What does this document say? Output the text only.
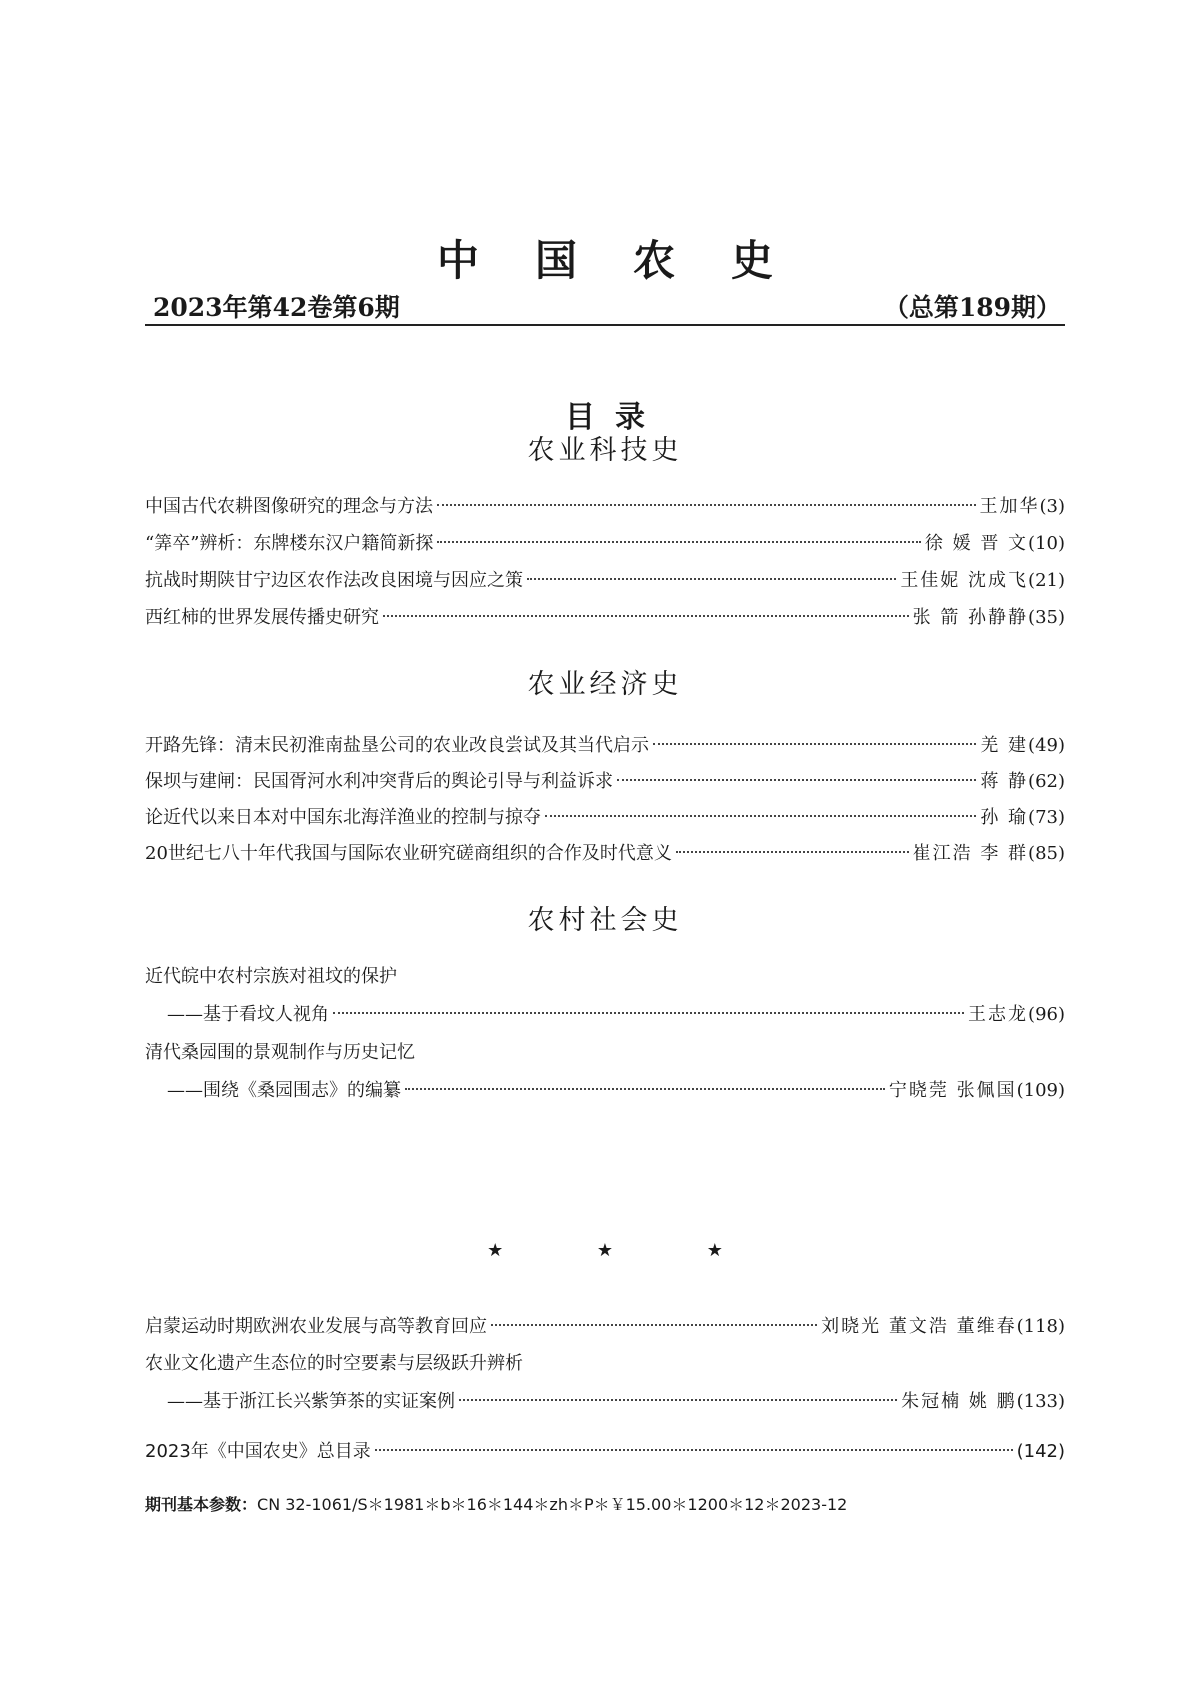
中国农史
2023年第42卷第6期	（总第189期）
目录
农业科技史
中国古代农耕图像研究的理念与方法	王加华 (3)
“筭卒”辨析：东牌楼东汉户籍简新探	徐 媛 晋 文 (10)
抗战时期陕甘宁边区农作法改良困境与因应之策	王佳妮 沈成飞 (21)
西红柿的世界发展传播史研究	张 箭 孙静静 (35)
农业经济史
开路先锋：清末民初淮南盐垦公司的农业改良尝试及其当代启示	羌 建 (49)
保坝与建闸：民国胥河水利冲突背后的舆论引导与利益诉求	蒋 静 (62)
论近代以来日本对中国东北海洋渔业的控制与掠夺	孙 瑜 (73)
20世纪七八十年代我国与国际农业研究磋商组织的合作及时代意义	崔江浩 李 群 (85)
农村社会史
近代皖中农村宗族对祖坟的保护
——基于看坟人视角	王志龙 (96)
清代桑园围的景观制作与历史记忆
——围绕《桑园围志》的编纂	宁晓莞 张佩国 (109)
★ ★ ★
启蒙运动时期欧洲农业发展与高等教育回应	刘晓光 董文浩 董维春 (118)
农业文化遗产生态位的时空要素与层级跃升辨析
——基于浙江长兴紫笋茶的实证案例	朱冠楠 姚 鹏 (133)
2023年《中国农史》总目录	(142)
期刊基本参数：CN 32-1061/S＊1981＊b＊16＊144＊zh＊P＊￥15.00＊1200＊12＊2023-12
